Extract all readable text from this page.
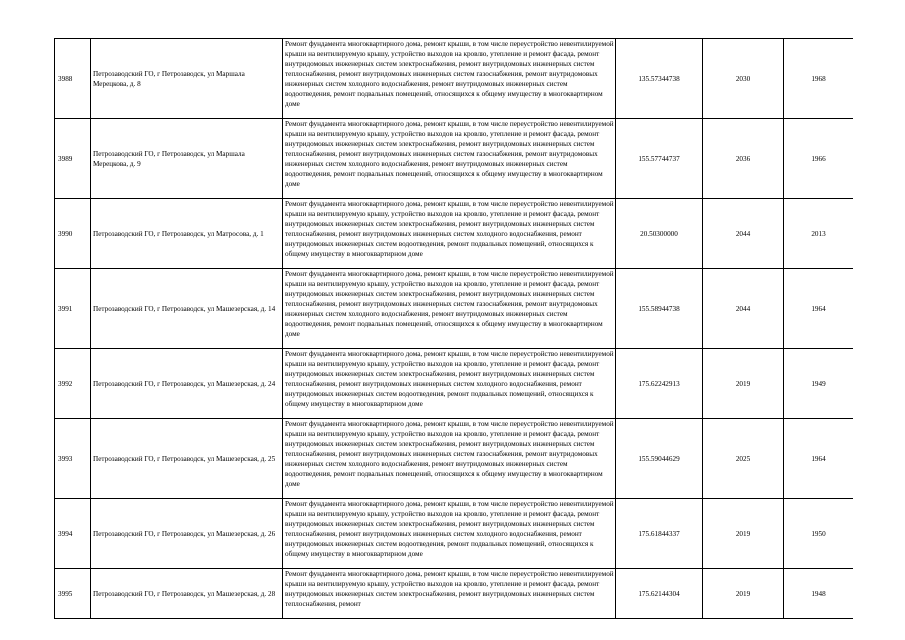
3988	Петрозаводский ГО, г Петрозаводск, ул Маршала Мерецкова, д. 8	Ремонт фундамента многоквартирного дома, ремонт крыши, в том числе переустройство невентилируемой крыши на вентилируемую крышу, устройство выходов на кровлю, утепление и ремонт фасада, ремонт внутридомовых инженерных систем электроснабжения, ремонт внутридомовых инженерных систем теплоснабжения, ремонт внутридомовых инженерных систем газоснабжения, ремонт внутридомовых инженерных систем холодного водоснабжения, ремонт внутридомовых инженерных систем водоотведения, ремонт подвальных помещений, относящихся к общему имуществу в многоквартирном доме	135.57344738	2030	1968
3989	Петрозаводский ГО, г Петрозаводск, ул Маршала Мерецкова, д. 9	Ремонт фундамента многоквартирного дома, ремонт крыши, в том числе переустройство невентилируемой крыши на вентилируемую крышу, устройство выходов на кровлю, утепление и ремонт фасада, ремонт внутридомовых инженерных систем электроснабжения, ремонт внутридомовых инженерных систем теплоснабжения, ремонт внутридомовых инженерных систем газоснабжения, ремонт внутридомовых инженерных систем холодного водоснабжения, ремонт внутридомовых инженерных систем водоотведения, ремонт подвальных помещений, относящихся к общему имуществу в многоквартирном доме	155.57744737	2036	1966
3990	Петрозаводский ГО, г Петрозаводск, ул Матросова, д. 1	Ремонт фундамента многоквартирного дома, ремонт крыши, в том числе переустройство невентилируемой крыши на вентилируемую крышу, устройство выходов на кровлю, утепление и ремонт фасада, ремонт внутридомовых инженерных систем электроснабжения, ремонт внутридомовых инженерных систем теплоснабжения, ремонт внутридомовых инженерных систем холодного водоснабжения, ремонт внутридомовых инженерных систем водоотведения, ремонт подвальных помещений, относящихся к общему имуществу в многоквартирном доме	20.50300000	2044	2013
3991	Петрозаводский ГО, г Петрозаводск, ул Машезерская, д. 14	Ремонт фундамента многоквартирного дома, ремонт крыши, в том числе переустройство невентилируемой крыши на вентилируемую крышу, устройство выходов на кровлю, утепление и ремонт фасада, ремонт внутридомовых инженерных систем электроснабжения, ремонт внутридомовых инженерных систем теплоснабжения, ремонт внутридомовых инженерных систем газоснабжения, ремонт внутридомовых инженерных систем холодного водоснабжения, ремонт внутридомовых инженерных систем водоотведения, ремонт подвальных помещений, относящихся к общему имуществу в многоквартирном доме	155.58944738	2044	1964
3992	Петрозаводский ГО, г Петрозаводск, ул Машезерская, д. 24	Ремонт фундамента многоквартирного дома, ремонт крыши, в том числе переустройство невентилируемой крыши на вентилируемую крышу, устройство выходов на кровлю, утепление и ремонт фасада, ремонт внутридомовых инженерных систем электроснабжения, ремонт внутридомовых инженерных систем теплоснабжения, ремонт внутридомовых инженерных систем холодного водоснабжения, ремонт внутридомовых инженерных систем водоотведения, ремонт подвальных помещений, относящихся к общему имуществу в многоквартирном доме	175.62242913	2019	1949
3993	Петрозаводский ГО, г Петрозаводск, ул Машезерская, д. 25	Ремонт фундамента многоквартирного дома, ремонт крыши, в том числе переустройство невентилируемой крыши на вентилируемую крышу, устройство выходов на кровлю, утепление и ремонт фасада, ремонт внутридомовых инженерных систем электроснабжения, ремонт внутридомовых инженерных систем теплоснабжения, ремонт внутридомовых инженерных систем газоснабжения, ремонт внутридомовых инженерных систем холодного водоснабжения, ремонт внутридомовых инженерных систем водоотведения, ремонт подвальных помещений, относящихся к общему имуществу в многоквартирном доме	155.59044629	2025	1964
3994	Петрозаводский ГО, г Петрозаводск, ул Машезерская, д. 26	Ремонт фундамента многоквартирного дома, ремонт крыши, в том числе переустройство невентилируемой крыши на вентилируемую крышу, устройство выходов на кровлю, утепление и ремонт фасада, ремонт внутридомовых инженерных систем электроснабжения, ремонт внутридомовых инженерных систем теплоснабжения, ремонт внутридомовых инженерных систем холодного водоснабжения, ремонт внутридомовых инженерных систем водоотведения, ремонт подвальных помещений, относящихся к общему имуществу в многоквартирном доме	175.61844337	2019	1950
3995	Петрозаводский ГО, г Петрозаводск, ул Машезерская, д. 28	Ремонт фундамента многоквартирного дома, ремонт крыши, в том числе переустройство невентилируемой крыши на вентилируемую крышу, устройство выходов на кровлю, утепление и ремонт фасада, ремонт внутридомовых инженерных систем электроснабжения, ремонт внутридомовых инженерных систем теплоснабжения, ремонт	175.62144304	2019	1948
